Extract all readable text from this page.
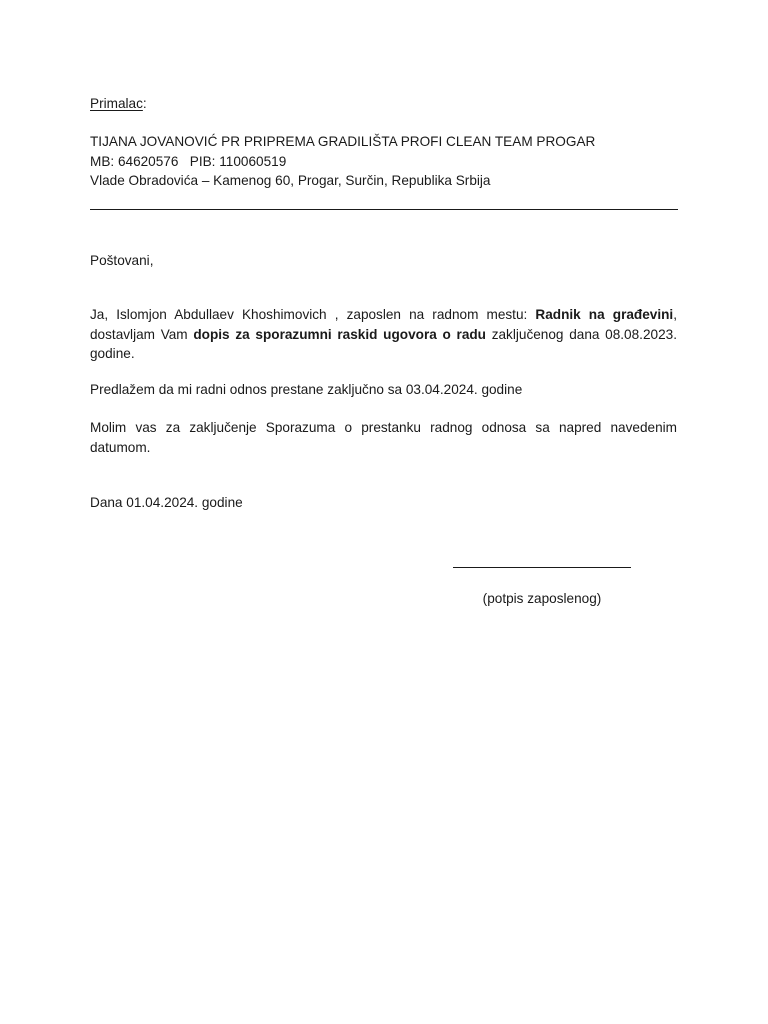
Primalac:
TIJANA JOVANOVIĆ PR PRIPREMA GRADILIŠTA PROFI CLEAN TEAM PROGAR
MB: 64620576   PIB: 110060519
Vlade Obradovića – Kamenog 60, Progar, Surčin, Republika Srbija
Poštovani,
Ja, Islomjon Abdullaev Khoshimovich , zaposlen na radnom mestu: Radnik na građevini, dostavljam Vam dopis za sporazumni raskid ugovora o radu zaključenog dana 08.08.2023. godine.
Predlažem da mi radni odnos prestane zaključno sa 03.04.2024. godine
Molim vas za zaključenje Sporazuma o prestanku radnog odnosa sa napred navedenim datumom.
Dana 01.04.2024. godine
(potpis zaposlenog)
